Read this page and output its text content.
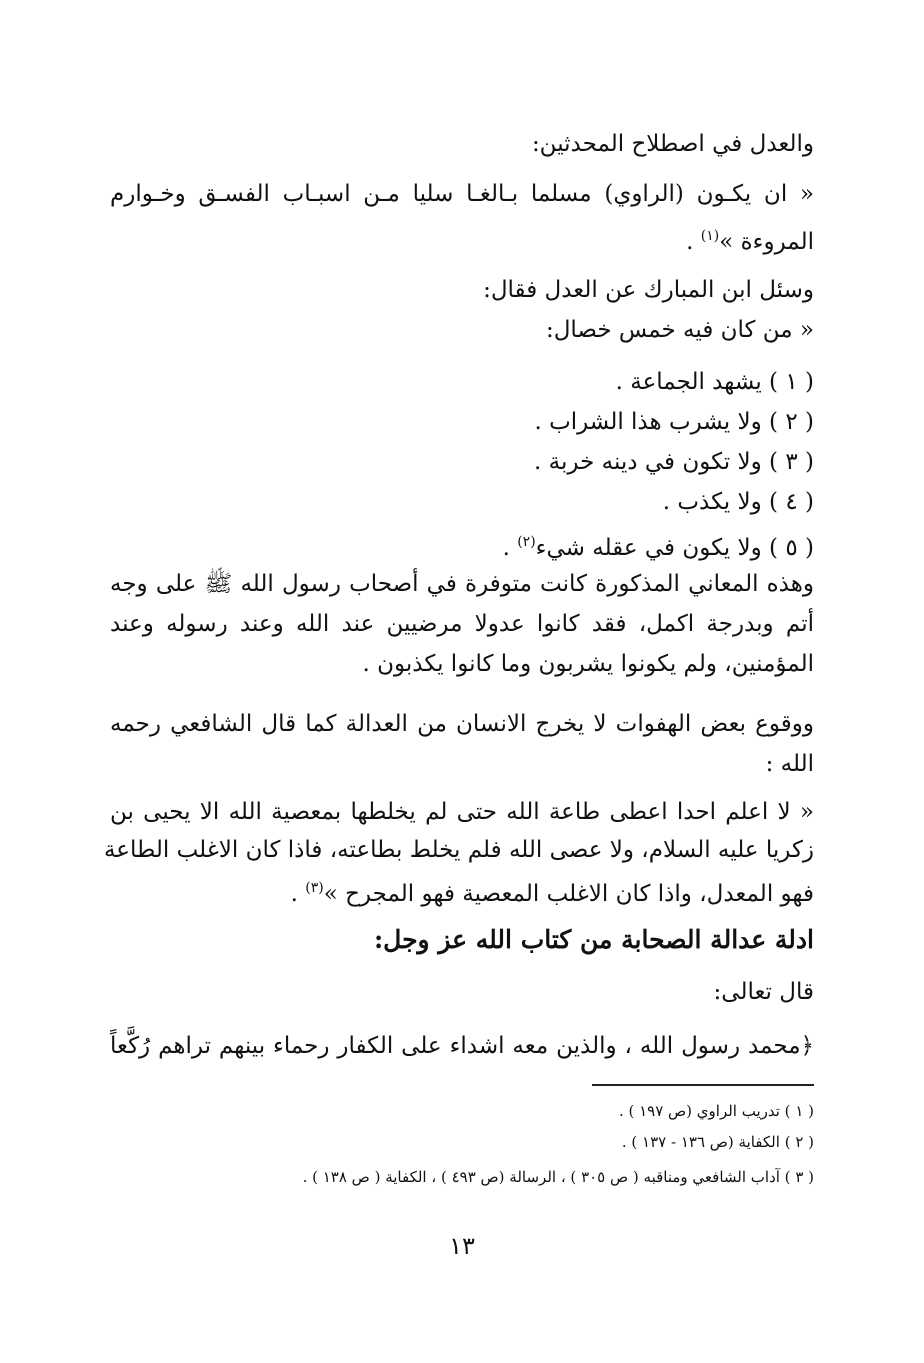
والعدل في اصطلاح المحدثين:
« ان يكـون (الراوي) مسلما بـالغـا سليا مـن اسبـاب الفسـق وخـوارم
المروءة »$^{(١)}$ .
وسئل ابن المبارك عن العدل فقال:
« من كان فيه خمس خصال:
( ١ ) يشهد الجماعة .
( ٢ ) ولا يشرب هذا الشراب .
( ٣ ) ولا تكون في دينه خربة .
( ٤ ) ولا يكذب .
( ٥ ) ولا يكون في عقله شيء$^{(٢)}$ .
وهذه المعاني المذكورة كانت متوفرة في أصحاب رسول الله ﷺ على وجه
أتم وبدرجة اكمل، فقد كانوا عدولا مرضيين عند الله وعند رسوله وعند
المؤمنين، ولم يكونوا يشربون وما كانوا يكذبون .
ووقوع بعض الهفوات لا يخرج الانسان من العدالة كما قال الشافعي رحمه
الله :
« لا اعلم احدا اعطى طاعة الله حتى لم يخلطها بمعصية الله الا يحيى بن
زكريا عليه السلام، ولا عصى الله فلم يخلط بطاعته، فاذا كان الاغلب الطاعة
فهو المعدل، واذا كان الاغلب المعصية فهو المجرح »$^{(٣)}$ .
ادلة عدالة الصحابة من كتاب الله عز وجل:
قال تعالى:
﴿محمد رسول الله ، والذين معه اشداء على الكفار رحماء بينهم تراهم رُكَّعاً
( ١ ) تدريب الراوي (ص ١٩٧ ) .
( ٢ ) الكفاية (ص ١٣٦ - ١٣٧ ) .
( ٣ ) آداب الشافعي ومناقبه ( ص ٣٠٥ ) ، الرسالة (ص ٤٩٣ ) ، الكفاية ( ص ١٣٨ ) .
١٣
